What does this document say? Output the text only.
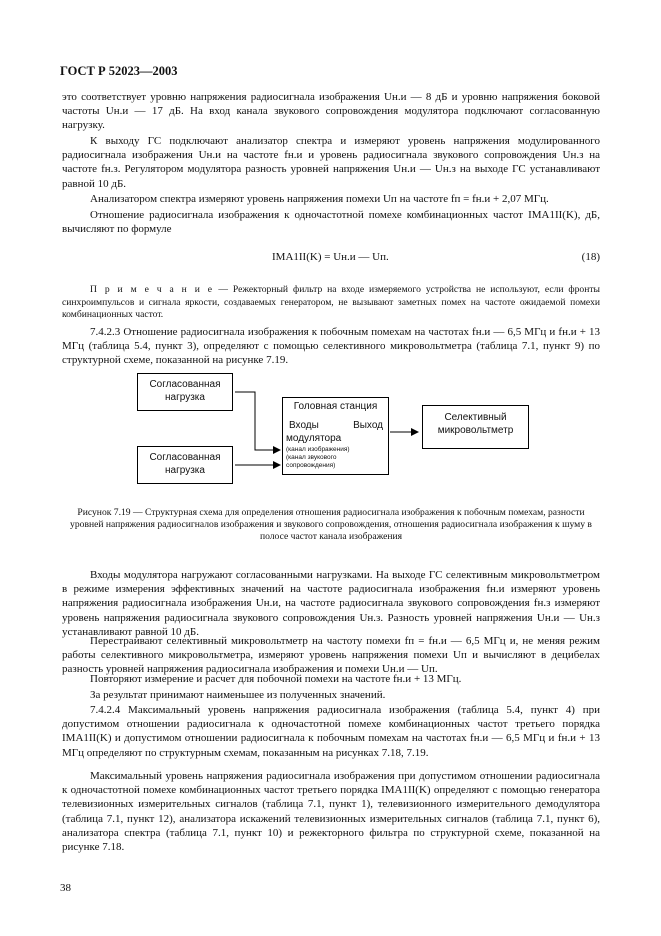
ГОСТ Р 52023—2003

это соответствует уровню напряжения радиосигнала изображения Uн.и — 8 дБ и уровню напряжения боковой частоты Uн.и — 17 дБ. На вход канала звукового сопровождения модулятора подключают согласованную нагрузку.

К выходу ГС подключают анализатор спектра и измеряют уровень напряжения модулированного радиосигнала изображения Uн.и на частоте fн.и и уровень радиосигнала звукового сопровождения Uн.з на частоте fн.з. Регулятором модулятора разность уровней напряжения Uн.и — Uн.з на выходе ГС устанавливают равной 10 дБ.

Анализатором спектра измеряют уровень напряжения помехи Uп на частоте fп = fн.и + 2,07 МГц.

Отношение радиосигнала изображения к одночастотной помехе комбинационных частот IMA1II(K), дБ, вычисляют по формуле

IMA1II(K) = Uн.и — Uп.	(18)

П р и м е ч а н и е — Режекторный фильтр на входе измеряемого устройства не используют, если фронты синхроимпульсов и сигнала яркости, создаваемых генератором, не вызывают заметных помех на частоте ожидаемой помехи комбинационных частот.

7.4.2.3 Отношение радиосигнала изображения к побочным помехам на частотах fн.и — 6,5 МГц и fн.и + 13 МГц (таблица 5.4, пункт 3), определяют с помощью селективного микровольтметра (таблица 7.1, пункт 9) по структурной схеме, показанной на рисунке 7.19.

Согласованная нагрузка
Согласованная нагрузка
Головная станция
Входы	Выход
модулятора
(канал изображения)
(канал звукового сопровождения)
Селективный микровольтметр
Рисунок 7.19 — Структурная схема для определения отношения радиосигнала изображения к побочным помехам, разности уровней напряжения радиосигналов изображения и звукового сопровождения, отношения радиосигнала изображения к шуму в полосе частот канала изображения

Входы модулятора нагружают согласованными нагрузками. На выходе ГС селективным микровольтметром в режиме измерения эффективных значений на частоте радиосигнала изображения fн.и измеряют уровень напряжения радиосигнала изображения Uн.и, на частоте радиосигнала звукового сопровождения fн.з измеряют уровень напряжения радиосигнала звукового сопровождения Uн.з. Разность уровней напряжения Uн.и — Uн.з устанавливают равной 10 дБ.

Перестраивают селективный микровольтметр на частоту помехи fп = fн.и — 6,5 МГц и, не меняя режим работы селективного микровольтметра, измеряют уровень напряжения помехи Uп и вычисляют в децибелах разность уровней напряжения радиосигнала изображения и помехи Uн.и — Uп.

Повторяют измерение и расчет для побочной помехи на частоте fн.и + 13 МГц.

За результат принимают наименьшее из полученных значений.

7.4.2.4 Максимальный уровень напряжения радиосигнала изображения (таблица 5.4, пункт 4) при допустимом отношении радиосигнала к одночастотной помехе комбинационных частот третьего порядка IMA1II(K) и допустимом отношении радиосигнала к побочным помехам на частотах fн.и — 6,5 МГц и fн.и + 13 МГц определяют по структурным схемам, показанным на рисунках 7.18, 7.19.

Максимальный уровень напряжения радиосигнала изображения при допустимом отношении радиосигнала к одночастотной помехе комбинационных частот третьего порядка IMA1II(K) определяют с помощью генератора телевизионных измерительных сигналов (таблица 7.1, пункт 1), телевизионного измерительного демодулятора (таблица 7.1, пункт 12), анализатора искажений телевизионных измерительных сигналов (таблица 7.1, пункт 6), анализатора спектра (таблица 7.1, пункт 10) и режекторного фильтра по структурной схеме, показанной на рисунке 7.18.

38
